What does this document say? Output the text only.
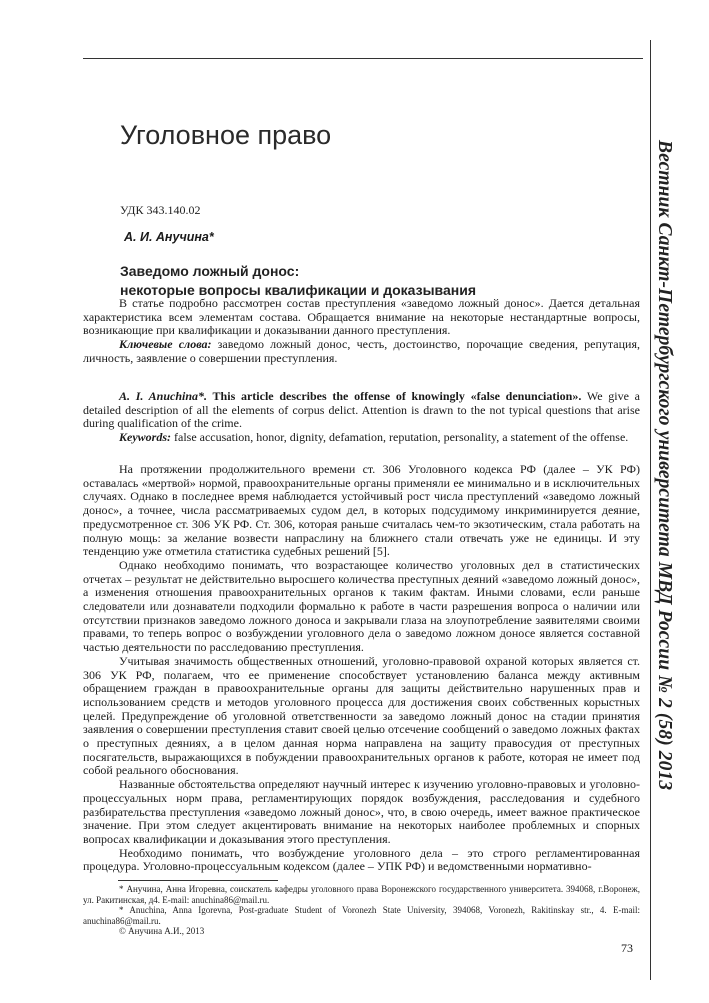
Вестник Санкт-Петербургского университета МВД России № 2 (58) 2013
Уголовное право
УДК 343.140.02
А. И. Анучина*
Заведомо ложный донос:
некоторые вопросы квалификации и доказывания

В статье подробно рассмотрен состав преступления «заведомо ложный донос». Дается детальная характеристика всем элементам состава. Обращается внимание на некоторые нестандартные вопросы, возникающие при квалификации и доказывании данного преступления.

Ключевые слова: заведомо ложный донос, честь, достоинство, порочащие сведения, репутация, личность, заявление о совершении преступления.

A. I. Anuchina*. This article describes the offense of knowingly «false denunciation». We give a detailed description of all the elements of corpus delict. Attention is drawn to the not typical questions that arise during qualification of the crime.

Keywords: false accusation, honor, dignity, defamation, reputation, personality, a statement of the offense.

На протяжении продолжительного времени ст. 306 Уголовного кодекса РФ (далее – УК РФ) оставалась «мертвой» нормой, правоохранительные органы применяли ее минимально и в исключительных случаях. Однако в последнее время наблюдается устойчивый рост числа преступлений «заведомо ложный донос», а точнее, числа рассматриваемых судом дел, в которых подсудимому инкриминируется деяние, предусмотренное ст. 306 УК РФ. Ст. 306, которая раньше считалась чем-то экзотическим, стала работать на полную мощь: за желание возвести напраслину на ближнего стали отвечать уже не единицы. И эту тенденцию уже отметила статистика судебных решений [5].

Однако необходимо понимать, что возрастающее количество уголовных дел в статистических отчетах – результат не действительно выросшего количества преступных деяний «заведомо ложный донос», а изменения отношения правоохранительных органов к таким фактам. Иными словами, если раньше следователи или дознаватели подходили формально к работе в части разрешения вопроса о наличии или отсутствии признаков заведомо ложного доноса и закрывали глаза на злоупотребление заявителями своими правами, то теперь вопрос о возбуждении уголовного дела о заведомо ложном доносе является составной частью деятельности по расследованию преступления.

Учитывая значимость общественных отношений, уголовно-правовой охраной которых является ст. 306 УК РФ, полагаем, что ее применение способствует установлению баланса между активным обращением граждан в правоохранительные органы для защиты действительно нарушенных прав и использованием средств и методов уголовного процесса для достижения своих собственных корыстных целей. Предупреждение об уголовной ответственности за заведомо ложный донос на стадии принятия заявления о совершении преступления ставит своей целью отсечение сообщений о заведомо ложных фактах о преступных деяниях, а в целом данная норма направлена на защиту правосудия от преступных посягательств, выражающихся в побуждении правоохранительных органов к работе, которая не имеет под собой реального обоснования.

Названные обстоятельства определяют научный интерес к изучению уголовно-правовых и уголовно-процессуальных норм права, регламентирующих порядок возбуждения, расследования и судебного разбирательства преступления «заведомо ложный донос», что, в свою очередь, имеет важное практическое значение. При этом следует акцентировать внимание на некоторых наиболее проблемных и спорных вопросах квалификации и доказывания этого преступления.

Необходимо понимать, что возбуждение уголовного дела – это строго регламентированная процедура. Уголовно-процессуальным кодексом (далее – УПК РФ) и ведомственными нормативно-

* Анучина, Анна Игоревна, соискатель кафедры уголовного права Воронежского государственного университета. 394068, г.Воронеж, ул. Ракитинская, д4. E-mail: anuchina86@mail.ru.

* Anuchina, Anna Igorevna, Post-graduate Student of Voronezh State University, 394068, Voronezh, Rakitinskay str., 4. E-mail: anuchina86@mail.ru.

© Анучина А.И., 2013

73
